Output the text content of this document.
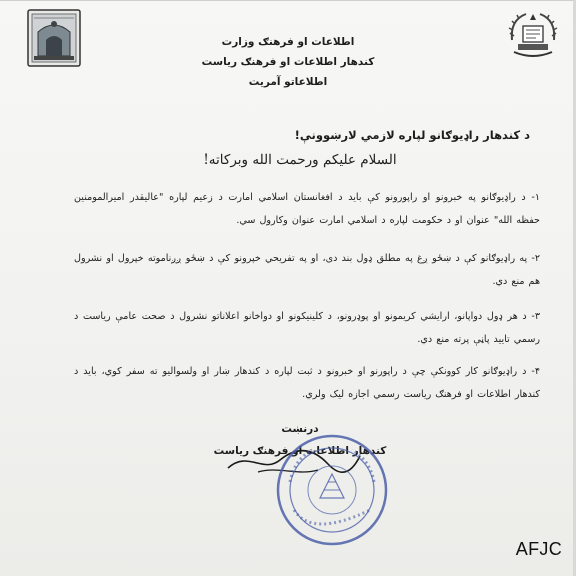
اطلاعات او فرهنګ وزارت
کندهار اطلاعات او فرهنګ ریاست
اطلاعاتو آمریت
د کندهار راډیوګانو لپاره لازمي لارښوونې!
السلام علیکم ورحمت الله وبرکاته!
۱- د راډیوګانو په خبرونو او راپورونو کې باید د افغانستان اسلامي امارت د زعیم لپاره "عالیقدر امیرالمومنین حفظه الله" عنوان او د حکومت لپاره د اسلامي امارت عنوان وکارول سي.
۲- په راډیوګانو کې د ښځو ږغ په مطلق ډول بند دی، او په تفریحي خپرونو کې د ښځو ږږناموته خپرول او نشرول هم منع دي.
۳- د هر ډول دواپانو، ارایشي کریمونو او پوډرونو، د کلینیکونو او دواخانو اعلاناتو نشرول د صحت عامې ریاست د رسمي تایید پاڼې پرته منع دي.
۴- د راډیوګانو کار کوونکې چې د راپورنو او خبرونو د ثبت لپاره د کندهار ښار او ولسوالیو ته سفر کوي، باید د کندهار اطلاعات او فرهنګ ریاست رسمي اجازه لیک ولري.
درنښت
کندهار اطلاعات او فرهنګ ریاست
AFJC
